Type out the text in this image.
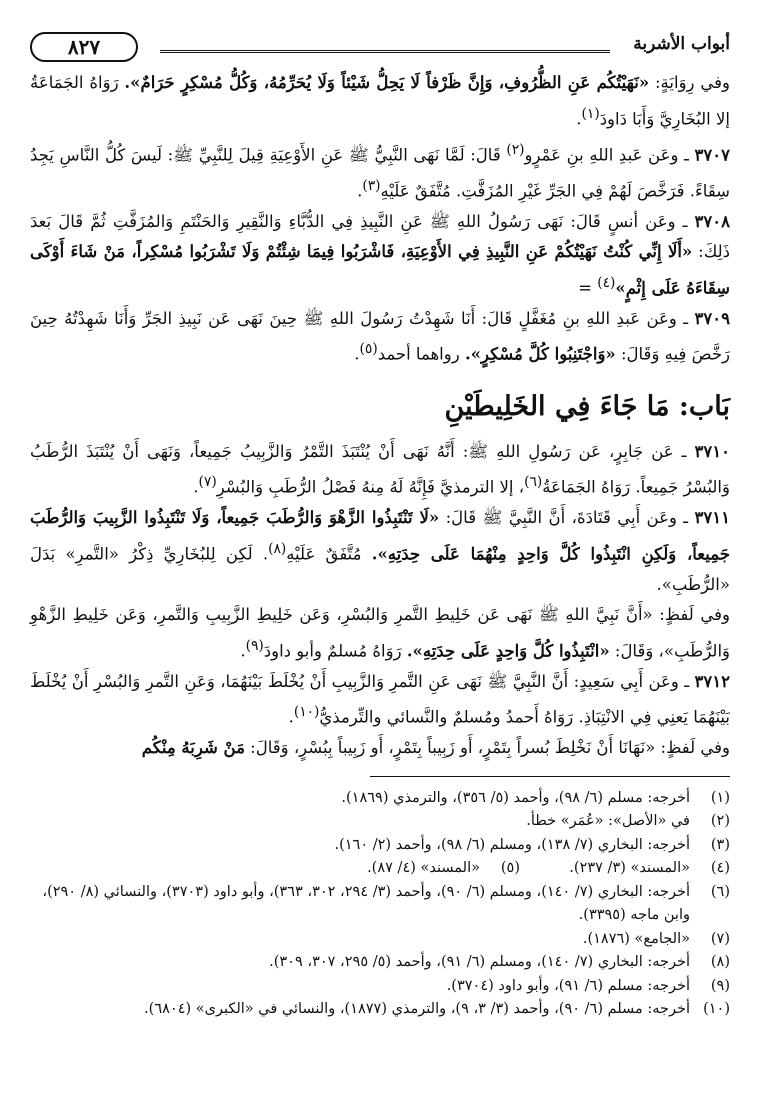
أبواب الأشربة
٨٢٧

وفي رِوَايَةٍ: «نَهَيْتُكُم عَنِ الظُّرُوفِ، وَإِنَّ ظَرْفاً لَا يَحِلُّ شَيْئاً وَلَا يُحَرِّمُهُ، وَكُلُّ مُسْكِرٍ حَرَامٌ». رَوَاهُ الجَمَاعَةُ إلا البُخَارِيَّ وَأَبَا دَاودَ$^{(١)}$.

٣٧٠٧ ـ وعَن عَبدِ اللهِ بنِ عَمْرٍو$^{(٢)}$ قَالَ: لَمَّا نَهَى النَّبِيُّ ﷺ عَنِ الأَوْعِيَةِ قِيلَ لِلنَّبِيِّ ﷺ: لَيسَ كُلُّ النَّاسِ يَجِدُ سِقَاءً. فَرَخَّصَ لَهُمْ فِي الجَرِّ غَيْرِ المُزَفَّتِ. مُتَّفَقٌ عَلَيْهِ$^{(٣)}$.

٣٧٠٨ ـ وعَن أنسٍ قَالَ: نَهَى رَسُولُ اللهِ ﷺ عَنِ النَّبِيذِ فِي الدُّبَّاءِ وَالنَّقِيرِ وَالحَنْتَمِ وَالمُزَفَّتِ ثُمَّ قَالَ بَعدَ ذَلِكَ: «أَلَا إِنِّي كُنْتُ نَهَيْتُكُمْ عَنِ النَّبِيذِ فِي الأَوْعِيَةِ، فَاشْرَبُوا فِيمَا شِئْتُمْ وَلَا تَشْرَبُوا مُسْكِراً، مَنْ شَاءَ أَوْكَى سِقَاءَهُ عَلَى إِثْمٍ»$^{(٤)}$ =

٣٧٠٩ ـ وعَن عَبدِ اللهِ بنِ مُغَفَّلٍ قَالَ: أَنَا شَهِدْتُ رَسُولَ اللهِ ﷺ حِينَ نَهَى عَن نَبِيذِ الجَرِّ وَأَنَا شَهِدْتُهُ حِينَ رَخَّصَ فِيهِ وَقَالَ: «وَاجْتَنِبُوا كُلَّ مُسْكِرٍ». رواهما أحمد$^{(٥)}$.

بَاب: مَا جَاءَ فِي الخَلِيطَيْنِ

٣٧١٠ ـ عَن جَابِرٍ، عَن رَسُولِ اللهِ ﷺ: أَنَّهُ نَهَى أَنْ يُنْتَبَذَ التَّمْرُ وَالزَّبِيبُ جَمِيعاً، وَنَهَى أَنْ يُنْتَبَذَ الرُّطَبُ وَالبُسْرُ جَمِيعاً. رَوَاهُ الجَمَاعَةُ$^{(٦)}$، إلا الترمذيَّ فَإِنَّهُ لَهُ مِنهُ فَصْلُ الرُّطَبِ وَالبُسْرِ$^{(٧)}$.

٣٧١١ ـ وعَن أَبِي قَتَادَةَ، أَنَّ النَّبِيَّ ﷺ قَالَ: «لَا تَنْتَبِذُوا الزَّهْوَ وَالرُّطَبَ جَمِيعاً، وَلَا تَنْتَبِذُوا الزَّبِيبَ وَالرُّطَبَ جَمِيعاً، وَلَكِنِ انْتَبِذُوا كُلَّ وَاحِدٍ مِنْهُمَا عَلَى حِدَتِهِ». مُتَّفَقٌ عَلَيْهِ$^{(٨)}$. لَكِن لِلبُخَارِيِّ ذِكْرُ «التَّمرِ» بَدَلَ «الرُّطَبِ».

وفي لَفظٍ: «أَنَّ نَبِيَّ اللهِ ﷺ نَهَى عَن خَلِيطِ التَّمرِ وَالبُسْرِ، وَعَن خَلِيطِ الزَّبِيبِ وَالتَّمرِ، وَعَن خَلِيطِ الزَّهْوِ وَالرُّطَبِ»، وَقَالَ: «انْتَبِذُوا كُلَّ وَاحِدٍ عَلَى حِدَتِهِ». رَوَاهُ مُسلمٌ وأبو داودَ$^{(٩)}$.

٣٧١٢ ـ وعَن أَبِي سَعِيدٍ: أَنَّ النَّبِيَّ ﷺ نَهَى عَنِ التَّمرِ وَالزَّبِيبِ أَنْ يُخْلَطَ بَيْنَهُمَا، وَعَنِ التَّمرِ وَالبُسْرِ أَنْ يُخْلَطَ بَيْنَهُمَا يَعنِي فِي الانْتِبَاذِ. رَوَاهُ أَحمدُ ومُسلمٌ والنَّسائي والتِّرمذيُّ$^{(١٠)}$.

وفي لَفظٍ: «نَهَانَا أَنْ نَخْلِطَ بُسراً بِتَمْرٍ، أَو زَبِيباً بِتَمْرٍ، أَو زَبِيباً بِبُسْرٍ، وَقَالَ: مَنْ شَرِبَهُ مِنْكُم

(١)
أخرجه: مسلم (٦/ ٩٨)، وأحمد (٥/ ٣٥٦)، والترمذي (١٨٦٩).
(٢)
في «الأصل»: «عُمَر» خطأ.
(٣)
أخرجه: البخاري (٧/ ١٣٨)، ومسلم (٦/ ٩٨)، وأحمد (٢/ ١٦٠).
(٤)
«المسند» (٣/ ٢٣٧).
(٥)
«المسند» (٤/ ٨٧).
(٦)
أخرجه: البخاري (٧/ ١٤٠)، ومسلم (٦/ ٩٠)، وأحمد (٣/ ٢٩٤، ٣٠٢، ٣٦٣)، وأبو داود (٣٧٠٣)، والنسائي (٨/ ٢٩٠)، وابن ماجه (٣٣٩٥).
(٧)
«الجامع» (١٨٧٦).
(٨)
أخرجه: البخاري (٧/ ١٤٠)، ومسلم (٦/ ٩١)، وأحمد (٥/ ٢٩٥، ٣٠٧، ٣٠٩).
(٩)
أخرجه: مسلم (٦/ ٩١)، وأبو داود (٣٧٠٤).
(١٠)
أخرجه: مسلم (٦/ ٩٠)، وأحمد (٣/ ٣، ٩)، والترمذي (١٨٧٧)، والنسائي في «الكبرى» (٦٨٠٤).
